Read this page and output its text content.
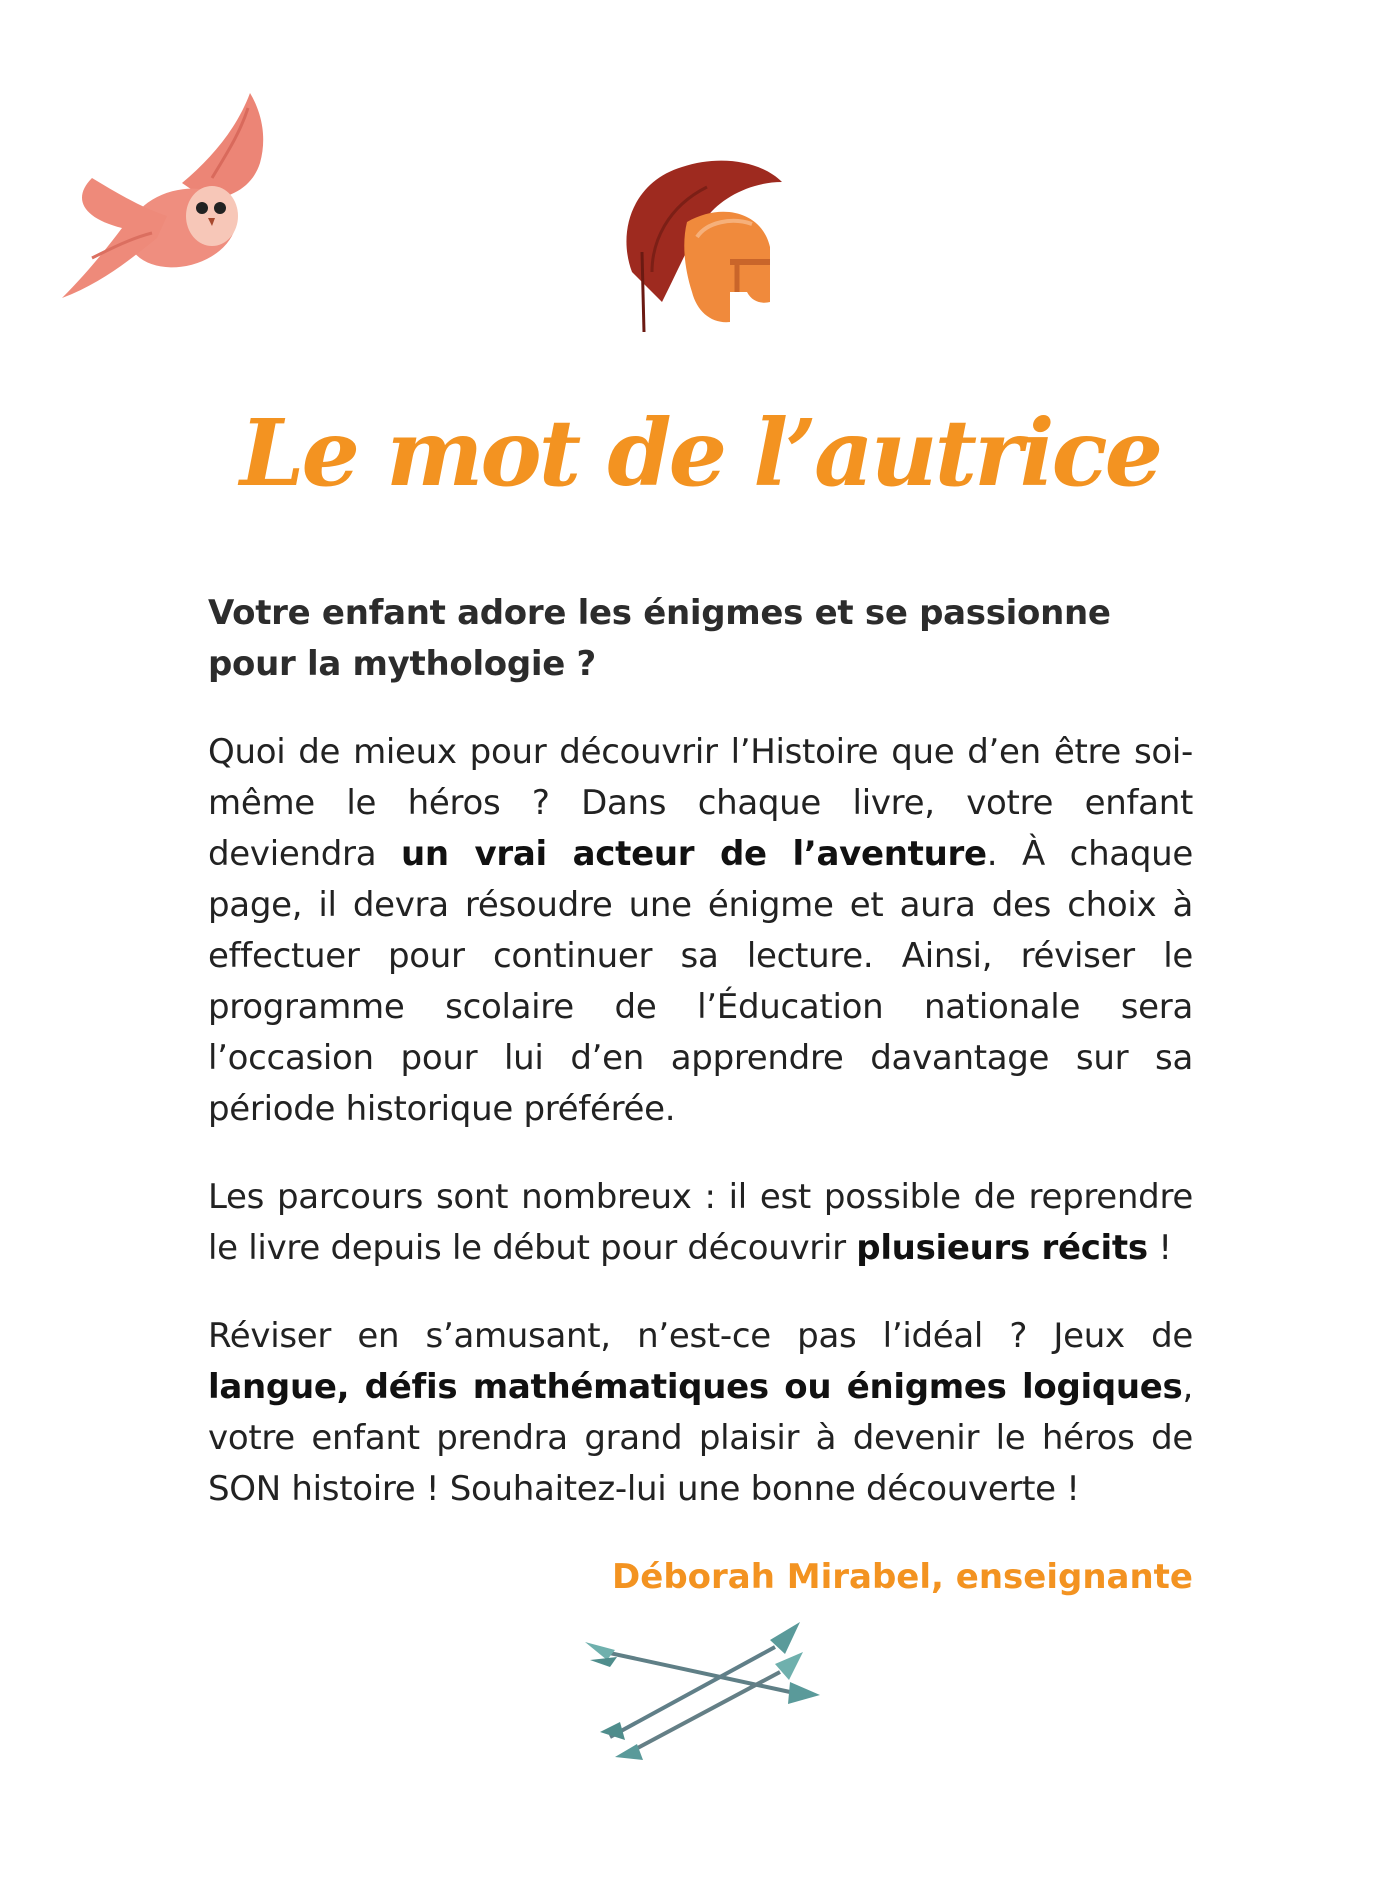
Le mot de l’autrice

Votre enfant adore les énigmes et se passionne pour la mythologie ?

Quoi de mieux pour découvrir l’Histoire que d’en être soi-même le héros ? Dans chaque livre, votre enfant deviendra un vrai acteur de l’aventure. À chaque page, il devra résoudre une énigme et aura des choix à effectuer pour continuer sa lecture. Ainsi, réviser le programme scolaire de l’Éducation nationale sera l’occasion pour lui d’en apprendre davantage sur sa période historique préférée.

Les parcours sont nombreux : il est possible de reprendre le livre depuis le début pour découvrir plusieurs récits !

Réviser en s’amusant, n’est-ce pas l’idéal ? Jeux de langue, défis mathématiques ou énigmes logiques, votre enfant prendra grand plaisir à devenir le héros de SON histoire ! Souhaitez-lui une bonne découverte !

Déborah Mirabel, enseignante
